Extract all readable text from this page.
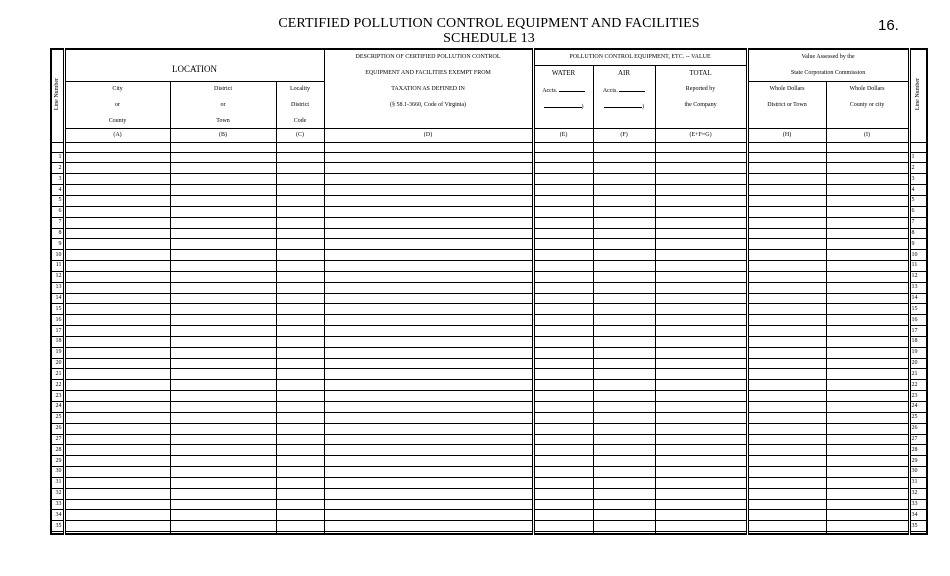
CERTIFIED POLLUTION CONTROL EQUIPMENT AND FACILITIES
SCHEDULE 13
16.
Line Number	LOCATION			DESCRIPTION OF CERTIFIED POLLUTION CONTROL	POLLUTION CONTROL EQUIPMENT, ETC. -- VALUE			Value Assessed by the		Line Number
				EQUIPMENT AND FACILITIES EXEMPT FROM	WATER	AIR	TOTAL	State Corporation Commission		
	City	District	Locality	TAXATION AS DEFINED IN	Accts.	Accts.	Reported by	Whole Dollars	Whole Dollars	
	or	or	District	(§ 58.1-3660, Code of Virginia)	)	)	the Company	District or Town	County or city	
	County	Town	Code							
	(A)	(B)	(C)	(D)	(E)	(F)	(E+F=G)	(H)	(I)	

1										1
2										2
3										3
4										4
5										5
6										6
7										7
8										8
9										9
10										10
11										11
12										12
13										13
14										14
15										15
16										16
17										17
18										18
19										19
20										20
21										21
22										22
23										23
24										24
25										25
26										26
27										27
28										28
29										29
30										30
31										31
32										32
33										33
34										34
35										35
